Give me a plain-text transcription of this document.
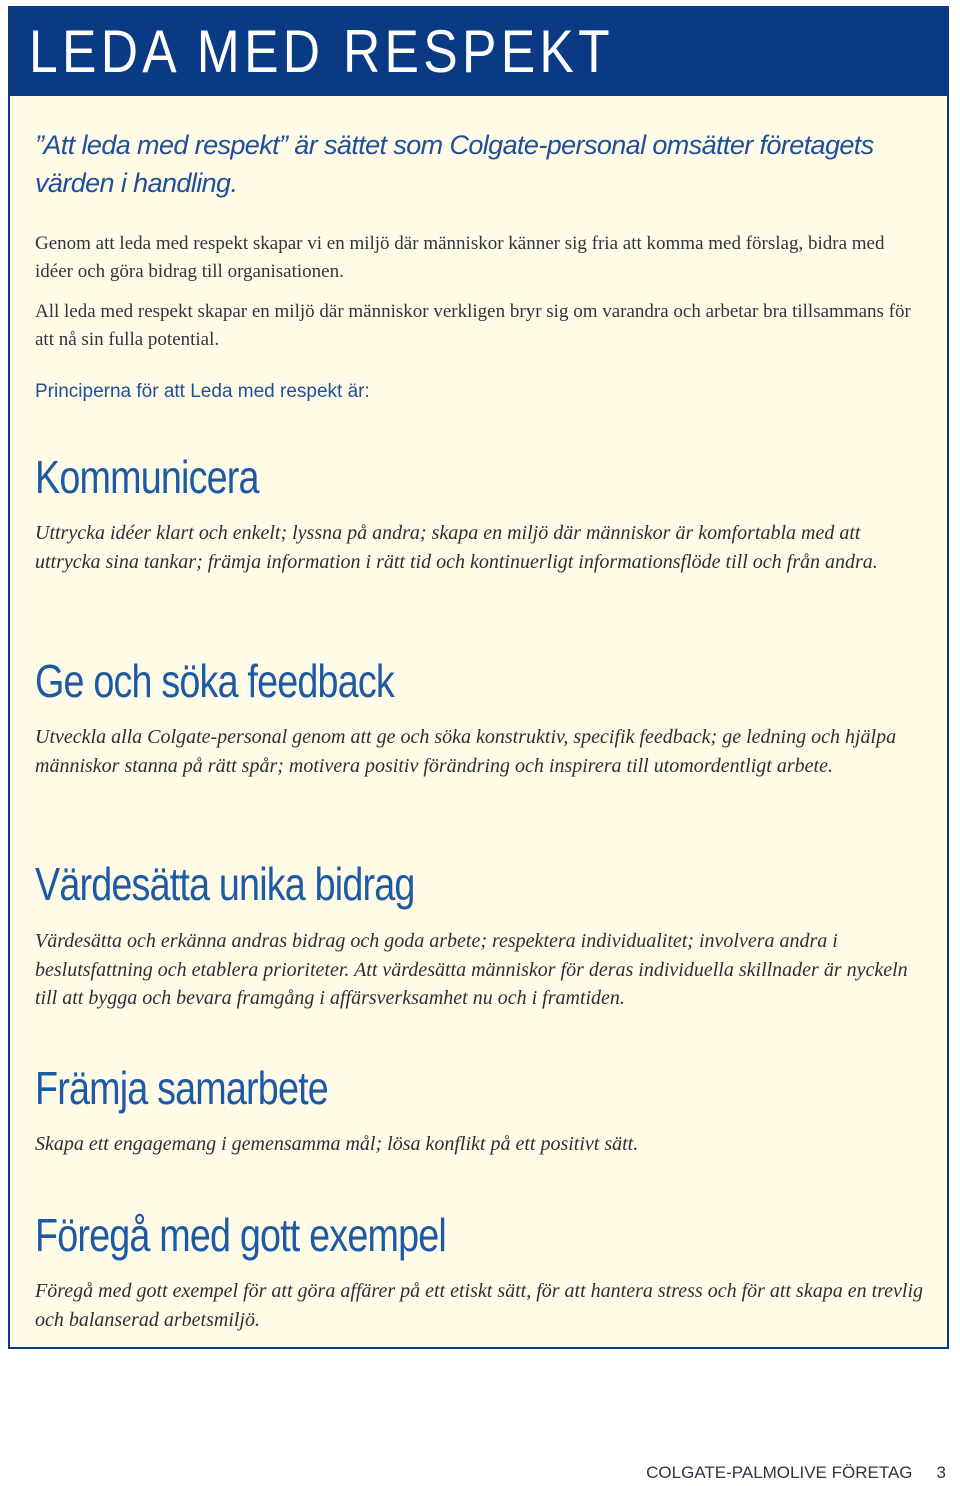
LEDA MED RESPEKT

”Att leda med respekt” är sättet som Colgate-personal omsätter företagets värden i handling.

Genom att leda med respekt skapar vi en miljö där människor känner sig fria att komma med förslag, bidra med idéer och göra bidrag till organisationen.

All leda med respekt skapar en miljö där människor verkligen bryr sig om varandra och arbetar bra tillsammans för att nå sin fulla potential.

Principerna för att Leda med respekt är:

Kommunicera

Uttrycka idéer klart och enkelt; lyssna på andra; skapa en miljö där människor är komfortabla med att uttrycka sina tankar; främja information i rätt tid och kontinuerligt informationsflöde till och från andra.

Ge och söka feedback

Utveckla alla Colgate-personal genom att ge och söka konstruktiv, specifik feedback; ge ledning och hjälpa människor stanna på rätt spår; motivera positiv förändring och inspirera till utomordentligt arbete.

Värdesätta unika bidrag

Värdesätta och erkänna andras bidrag och goda arbete; respektera individualitet; involvera andra i beslutsfattning och etablera prioriteter. Att värdesätta människor för deras individuella skillnader är nyckeln till att bygga och bevara framgång i affärsverksamhet nu och i framtiden.

Främja samarbete

Skapa ett engagemang i gemensamma mål; lösa konflikt på ett positivt sätt.

Föregå med gott exempel

Föregå med gott exempel för att göra affärer på ett etiskt sätt, för att hantera stress och för att skapa en trevlig och balanserad arbetsmiljö.

COLGATE-PALMOLIVE FÖRETAG 3
